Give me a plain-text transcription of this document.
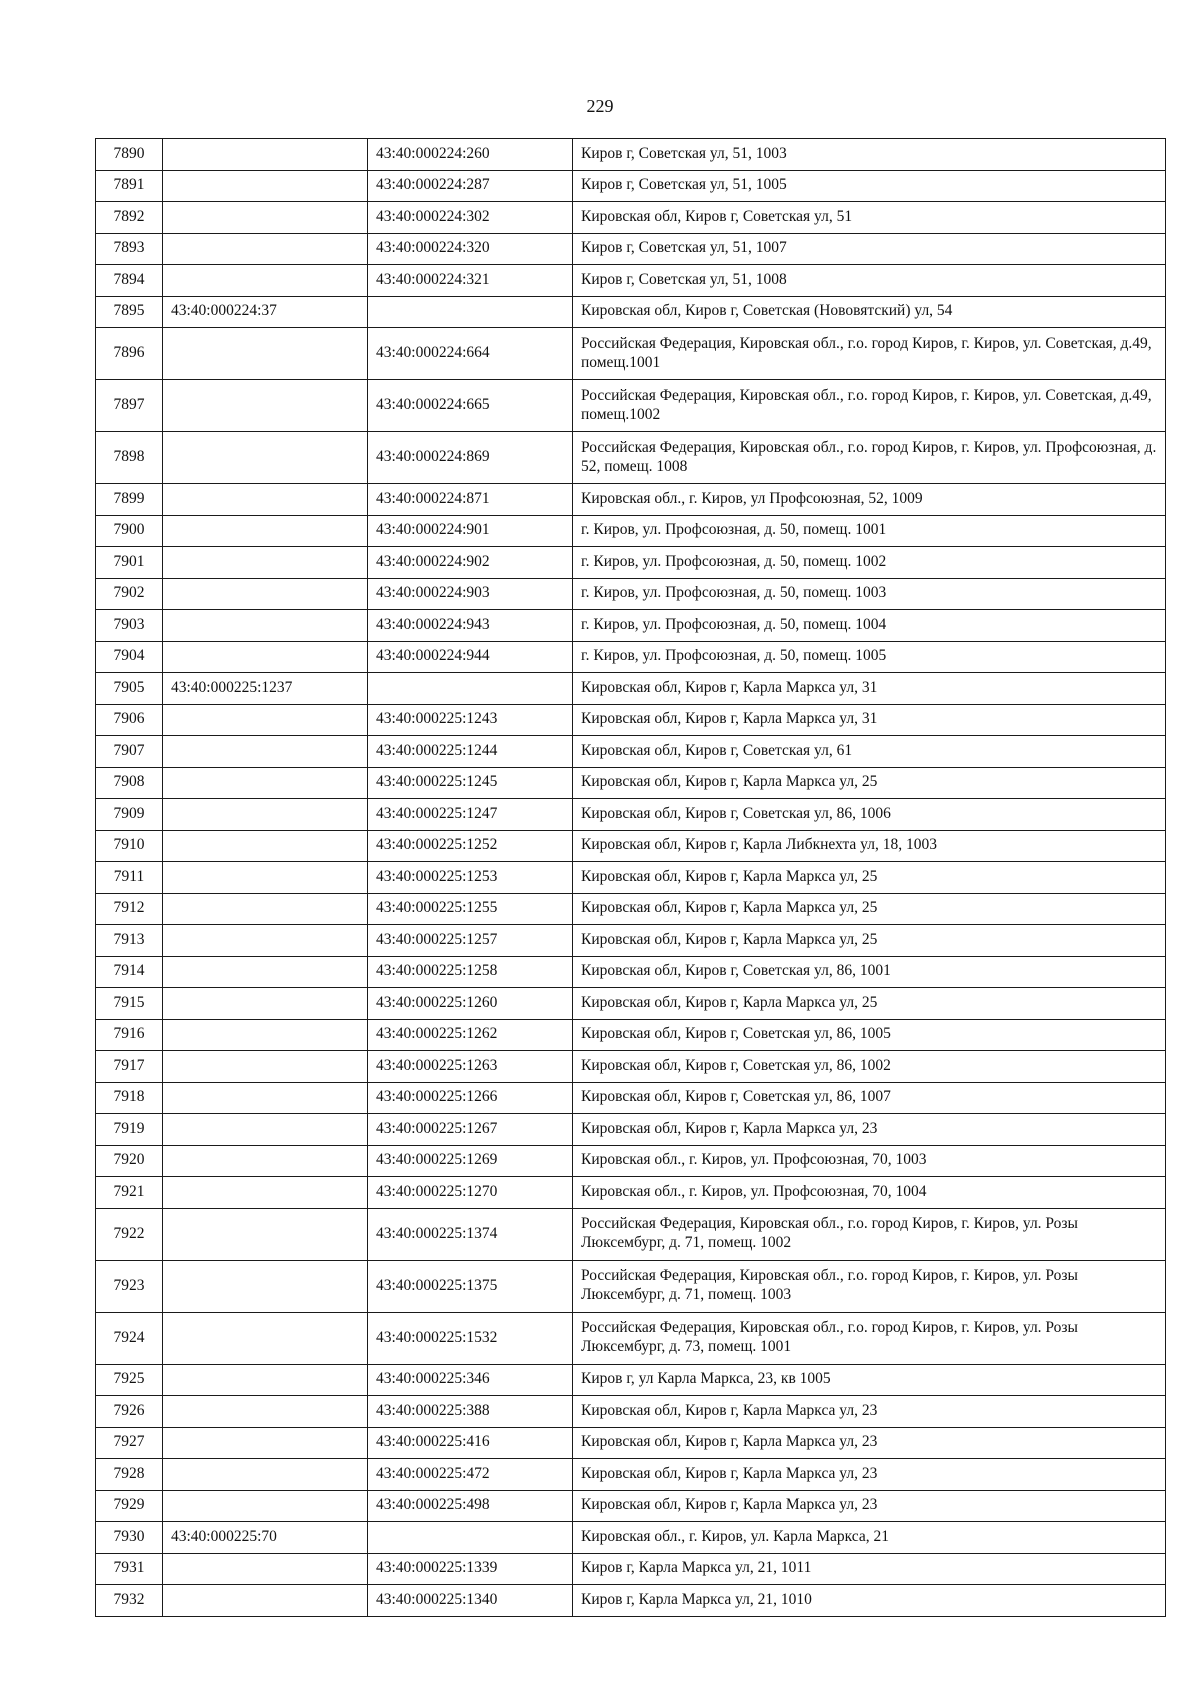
229
7890		43:40:000224:260	Киров г, Советская ул, 51, 1003
7891		43:40:000224:287	Киров г, Советская ул, 51, 1005
7892		43:40:000224:302	Кировская обл, Киров г, Советская ул, 51
7893		43:40:000224:320	Киров г, Советская ул, 51, 1007
7894		43:40:000224:321	Киров г, Советская ул, 51, 1008
7895	43:40:000224:37		Кировская обл, Киров г, Советская (Нововятский) ул, 54
7896		43:40:000224:664	Российская Федерация, Кировская обл., г.о. город Киров, г. Киров, ул. Советская, д.49, помещ.1001
7897		43:40:000224:665	Российская Федерация, Кировская обл., г.о. город Киров, г. Киров, ул. Советская, д.49, помещ.1002
7898		43:40:000224:869	Российская Федерация, Кировская обл., г.о. город Киров, г. Киров, ул. Профсоюзная, д. 52, помещ. 1008
7899		43:40:000224:871	Кировская обл., г. Киров, ул Профсоюзная, 52, 1009
7900		43:40:000224:901	г. Киров, ул. Профсоюзная, д. 50, помещ. 1001
7901		43:40:000224:902	г. Киров, ул. Профсоюзная, д. 50, помещ. 1002
7902		43:40:000224:903	г. Киров, ул. Профсоюзная, д. 50, помещ. 1003
7903		43:40:000224:943	г. Киров, ул. Профсоюзная, д. 50, помещ. 1004
7904		43:40:000224:944	г. Киров, ул. Профсоюзная, д. 50, помещ. 1005
7905	43:40:000225:1237		Кировская обл, Киров г, Карла Маркса ул, 31
7906		43:40:000225:1243	Кировская обл, Киров г, Карла Маркса ул, 31
7907		43:40:000225:1244	Кировская обл, Киров г, Советская ул, 61
7908		43:40:000225:1245	Кировская обл, Киров г, Карла Маркса ул, 25
7909		43:40:000225:1247	Кировская обл, Киров г, Советская ул, 86, 1006
7910		43:40:000225:1252	Кировская обл, Киров г, Карла Либкнехта ул, 18, 1003
7911		43:40:000225:1253	Кировская обл, Киров г, Карла Маркса ул, 25
7912		43:40:000225:1255	Кировская обл, Киров г, Карла Маркса ул, 25
7913		43:40:000225:1257	Кировская обл, Киров г, Карла Маркса ул, 25
7914		43:40:000225:1258	Кировская обл, Киров г, Советская ул, 86, 1001
7915		43:40:000225:1260	Кировская обл, Киров г, Карла Маркса ул, 25
7916		43:40:000225:1262	Кировская обл, Киров г, Советская ул, 86, 1005
7917		43:40:000225:1263	Кировская обл, Киров г, Советская ул, 86, 1002
7918		43:40:000225:1266	Кировская обл, Киров г, Советская ул, 86, 1007
7919		43:40:000225:1267	Кировская обл, Киров г, Карла Маркса ул, 23
7920		43:40:000225:1269	Кировская обл., г. Киров, ул. Профсоюзная, 70, 1003
7921		43:40:000225:1270	Кировская обл., г. Киров, ул. Профсоюзная, 70, 1004
7922		43:40:000225:1374	Российская Федерация, Кировская обл., г.о. город Киров, г. Киров, ул. Розы Люксембург, д. 71, помещ. 1002
7923		43:40:000225:1375	Российская Федерация, Кировская обл., г.о. город Киров, г. Киров, ул. Розы Люксембург, д. 71, помещ. 1003
7924		43:40:000225:1532	Российская Федерация, Кировская обл., г.о. город Киров, г. Киров, ул. Розы Люксембург, д. 73, помещ. 1001
7925		43:40:000225:346	Киров г, ул Карла Маркса, 23, кв 1005
7926		43:40:000225:388	Кировская обл, Киров г, Карла Маркса ул, 23
7927		43:40:000225:416	Кировская обл, Киров г, Карла Маркса ул, 23
7928		43:40:000225:472	Кировская обл, Киров г, Карла Маркса ул, 23
7929		43:40:000225:498	Кировская обл, Киров г, Карла Маркса ул, 23
7930	43:40:000225:70		Кировская обл., г. Киров, ул. Карла Маркса, 21
7931		43:40:000225:1339	Киров г, Карла Маркса ул, 21, 1011
7932		43:40:000225:1340	Киров г, Карла Маркса ул, 21, 1010
